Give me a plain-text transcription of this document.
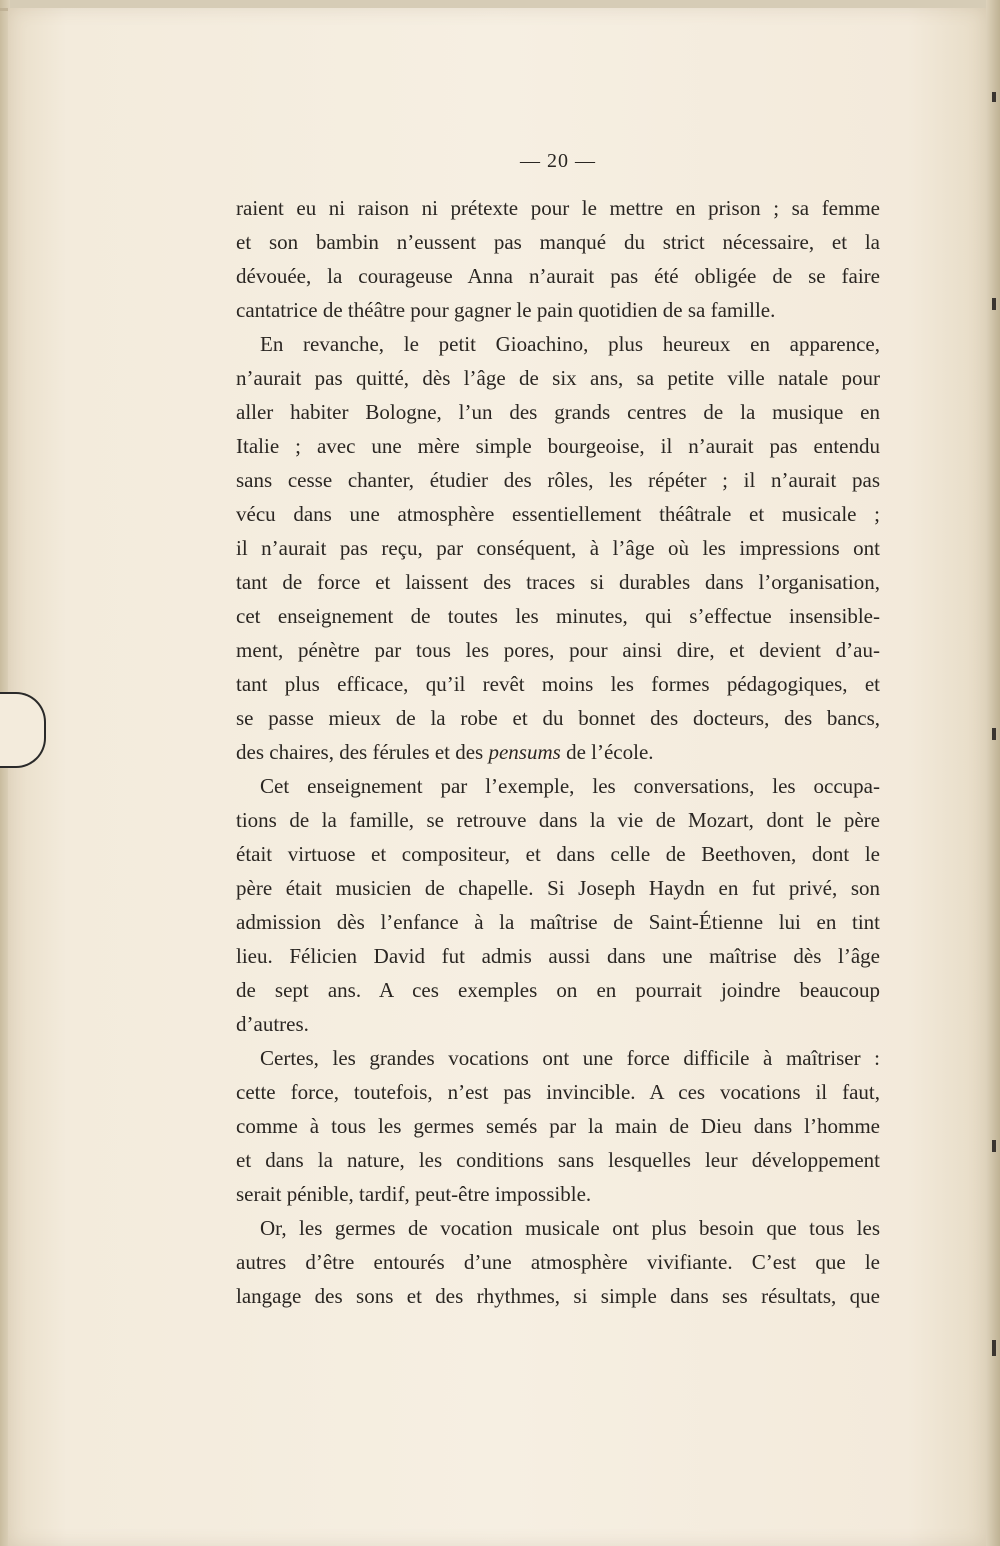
— 20 —
raient eu ni raison ni prétexte pour le mettre en prison ; sa femme
et son bambin n’eussent pas manqué du strict nécessaire, et la
dévouée, la courageuse Anna n’aurait pas été obligée de se faire
cantatrice de théâtre pour gagner le pain quotidien de sa famille.
En revanche, le petit Gioachino, plus heureux en apparence,
n’aurait pas quitté, dès l’âge de six ans, sa petite ville natale pour
aller habiter Bologne, l’un des grands centres de la musique en
Italie ; avec une mère simple bourgeoise, il n’aurait pas entendu
sans cesse chanter, étudier des rôles, les répéter ; il n’aurait pas
vécu dans une atmosphère essentiellement théâtrale et musicale ;
il n’aurait pas reçu, par conséquent, à l’âge où les impressions ont
tant de force et laissent des traces si durables dans l’organisation,
cet enseignement de toutes les minutes, qui s’effectue insensible-
ment, pénètre par tous les pores, pour ainsi dire, et devient d’au-
tant plus efficace, qu’il revêt moins les formes pédagogiques, et
se passe mieux de la robe et du bonnet des docteurs, des bancs,
des chaires, des férules et des pensums de l’école.
Cet enseignement par l’exemple, les conversations, les occupa-
tions de la famille, se retrouve dans la vie de Mozart, dont le père
était virtuose et compositeur, et dans celle de Beethoven, dont le
père était musicien de chapelle. Si Joseph Haydn en fut privé, son
admission dès l’enfance à la maîtrise de Saint-Étienne lui en tint
lieu. Félicien David fut admis aussi dans une maîtrise dès l’âge
de sept ans. A ces exemples on en pourrait joindre beaucoup
d’autres.
Certes, les grandes vocations ont une force difficile à maîtriser :
cette force, toutefois, n’est pas invincible. A ces vocations il faut,
comme à tous les germes semés par la main de Dieu dans l’homme
et dans la nature, les conditions sans lesquelles leur développement
serait pénible, tardif, peut-être impossible.
Or, les germes de vocation musicale ont plus besoin que tous les
autres d’être entourés d’une atmosphère vivifiante. C’est que le
langage des sons et des rhythmes, si simple dans ses résultats, que
